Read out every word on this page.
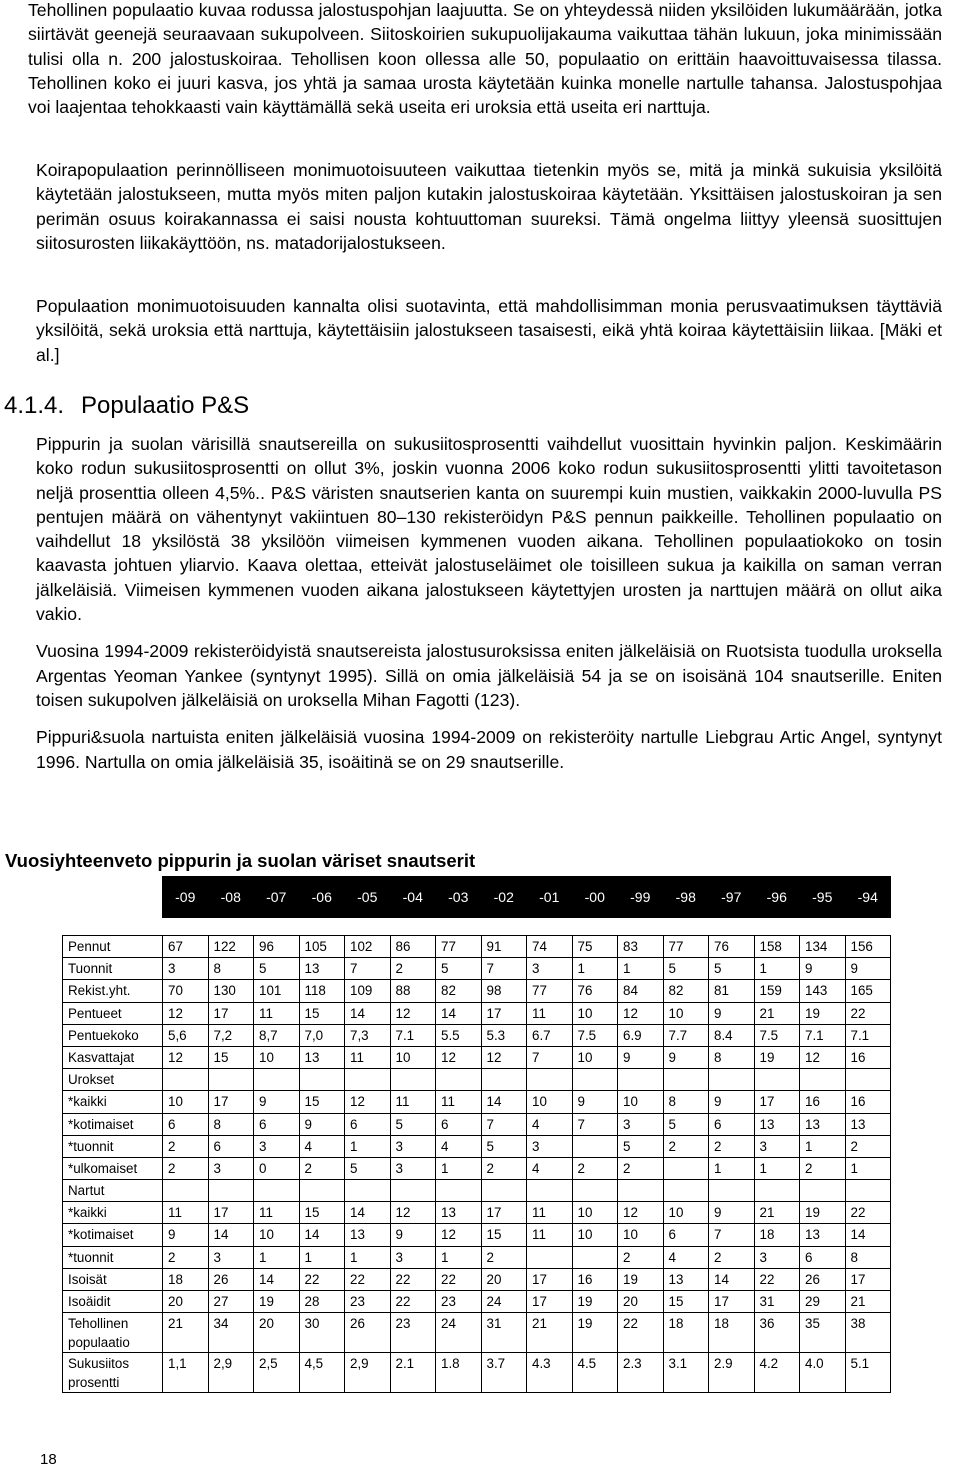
Tehollinen populaatio kuvaa rodussa jalostuspohjan laajuutta. Se on yhteydessä niiden yksilöiden lukumäärään, jotka siirtävät geenejä seuraavaan sukupolveen. Siitoskoirien sukupuolijakauma vaikuttaa tähän lukuun, joka minimissään tulisi olla n. 200 jalostuskoiraa. Tehollisen koon ollessa alle 50, populaatio on erittäin haavoittuvaisessa tilassa. Tehollinen koko ei juuri kasva, jos yhtä ja samaa urosta käytetään kuinka monelle nartulle tahansa. Jalostuspohjaa voi laajentaa tehokkaasti vain käyttämällä sekä useita eri uroksia että useita eri narttuja.

Koirapopulaation perinnölliseen monimuotoisuuteen vaikuttaa tietenkin myös se, mitä ja minkä sukuisia yksilöitä käytetään jalostukseen, mutta myös miten paljon kutakin jalostuskoiraa käytetään. Yksittäisen jalostuskoiran ja sen perimän osuus koirakannassa ei saisi nousta kohtuuttoman suureksi. Tämä ongelma liittyy yleensä suosittujen siitosurosten liikakäyttöön, ns. matadorijalostukseen.

Populaation monimuotoisuuden kannalta olisi suotavinta, että mahdollisimman monia perusvaatimuksen täyttäviä yksilöitä, sekä uroksia että narttuja, käytettäisiin jalostukseen tasaisesti, eikä yhtä koiraa käytettäisiin liikaa. [Mäki et al.]

4.1.4. Populaatio P&S

Pippurin ja suolan värisillä snautsereilla on sukusiitosprosentti vaihdellut vuosittain hyvinkin paljon. Keskimäärin koko rodun sukusiitosprosentti on ollut 3%, joskin vuonna 2006 koko rodun sukusiitosprosentti ylitti tavoitetason neljä prosenttia olleen 4,5%.. P&S väristen snautserien kanta on suurempi kuin mustien, vaikkakin 2000-luvulla PS pentujen määrä on vähentynyt vakiintuen 80–130 rekisteröidyn P&S pennun paikkeille. Tehollinen populaatio on vaihdellut 18 yksilöstä 38 yksilöön viimeisen kymmenen vuoden aikana. Tehollinen populaatiokoko on tosin kaavasta johtuen yliarvio. Kaava olettaa, etteivät jalostuseläimet ole toisilleen sukua ja kaikilla on saman verran jälkeläisiä. Viimeisen kymmenen vuoden aikana jalostukseen käytettyjen urosten ja narttujen määrä on ollut aika vakio.

Vuosina 1994-2009 rekisteröidyistä snautsereista jalostusuroksissa eniten jälkeläisiä on Ruotsista tuodulla uroksella Argentas Yeoman Yankee (syntynyt 1995). Sillä on omia jälkeläisiä 54 ja se on isoisänä 104 snautserille. Eniten toisen sukupolven jälkeläisiä on uroksella Mihan Fagotti (123).

Pippuri&suola nartuista eniten jälkeläisiä vuosina 1994-2009 on rekisteröity nartulle Liebgrau Artic Angel, syntynyt 1996. Nartulla on omia jälkeläisiä 35, isoäitinä se on 29 snautserille.

Vuosiyhteenveto pippurin ja suolan väriset snautserit

	-09	-08	-07	-06	-05	-04	-03	-02	-01	-00	-99	-98	-97	-96	-95	-94

Pennut	67	122	96	105	102	86	77	91	74	75	83	77	76	158	134	156
Tuonnit	3	8	5	13	7	2	5	7	3	1	1	5	5	1	9	9
Rekist.yht.	70	130	101	118	109	88	82	98	77	76	84	82	81	159	143	165
Pentueet	12	17	11	15	14	12	14	17	11	10	12	10	9	21	19	22
Pentuekoko	5,6	7,2	8,7	7,0	7,3	7.1	5.5	5.3	6.7	7.5	6.9	7.7	8.4	7.5	7.1	7.1
Kasvattajat	12	15	10	13	11	10	12	12	7	10	9	9	8	19	12	16
Urokset																
*kaikki	10	17	9	15	12	11	11	14	10	9	10	8	9	17	16	16
*kotimaiset	6	8	6	9	6	5	6	7	4	7	3	5	6	13	13	13
*tuonnit	2	6	3	4	1	3	4	5	3		5	2	2	3	1	2
*ulkomaiset	2	3	0	2	5	3	1	2	4	2	2		1	1	2	1
Nartut																
*kaikki	11	17	11	15	14	12	13	17	11	10	12	10	9	21	19	22
*kotimaiset	9	14	10	14	13	9	12	15	11	10	10	6	7	18	13	14
*tuonnit	2	3	1	1	1	3	1	2			2	4	2	3	6	8
Isoisät	18	26	14	22	22	22	22	20	17	16	19	13	14	22	26	17
Isoäidit	20	27	19	28	23	22	23	24	17	19	20	15	17	31	29	21
Tehollinen populaatio	21	34	20	30	26	23	24	31	21	19	22	18	18	36	35	38
Sukusiitos prosentti	1,1	2,9	2,5	4,5	2,9	2.1	1.8	3.7	4.3	4.5	2.3	3.1	2.9	4.2	4.0	5.1
18
